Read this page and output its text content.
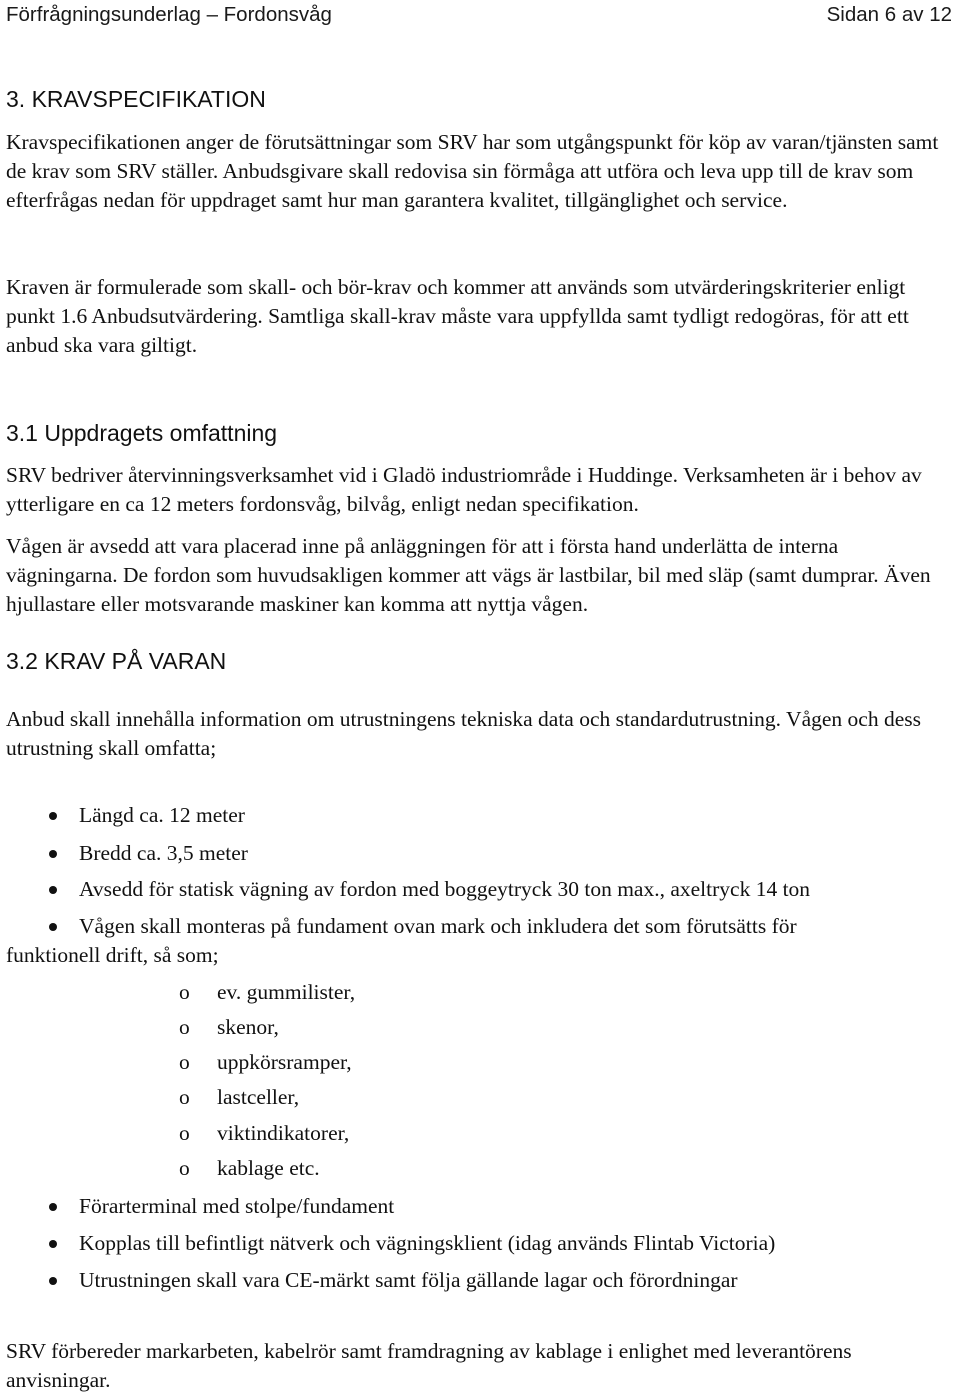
Förfrågningsunderlag – Fordonsvåg	Sidan 6 av 12
3. KRAVSPECIFIKATION

Kravspecifikationen anger de förutsättningar som SRV har som utgångspunkt för köp av varan/tjänsten samt de krav som SRV ställer. Anbudsgivare skall redovisa sin förmåga att utföra och leva upp till de krav som efterfrågas nedan för uppdraget samt hur man garantera kvalitet, tillgänglighet och service.

Kraven är formulerade som skall- och bör-krav och kommer att används som utvärderingskriterier enligt punkt 1.6 Anbudsutvärdering. Samtliga skall-krav måste vara uppfyllda samt tydligt redogöras, för att ett anbud ska vara giltigt.

3.1 Uppdragets omfattning

SRV bedriver återvinningsverksamhet vid i Gladö industriområde i Huddinge. Verksamheten är i behov av ytterligare en ca 12 meters fordonsvåg, bilvåg, enligt nedan specifikation.

Vågen är avsedd att vara placerad inne på anläggningen för att i första hand underlätta de interna vägningarna. De fordon som huvudsakligen kommer att vägs är lastbilar, bil med släp (samt dumprar. Även hjullastare eller motsvarande maskiner kan komma att nyttja vågen.

3.2 KRAV PÅ VARAN

Anbud skall innehålla information om utrustningens tekniska data och standardutrustning. Vågen och dess utrustning skall omfatta;

Längd ca. 12 meter
Bredd ca. 3,5 meter
Avsedd för statisk vägning av fordon med boggeytryck 30 ton max., axeltryck 14 ton
Vågen skall monteras på fundament ovan mark och inkludera det som förutsätts för
funktionell drift, så som;
o ev. gummilister,
o skenor,
o uppkörsramper,
o lastceller,
o viktindikatorer,
o kablage etc.
Förarterminal med stolpe/fundament
Kopplas till befintligt nätverk och vägningsklient (idag används Flintab Victoria)
Utrustningen skall vara CE-märkt samt följa gällande lagar och förordningar

SRV förbereder markarbeten, kabelrör samt framdragning av kablage i enlighet med leverantörens anvisningar.
